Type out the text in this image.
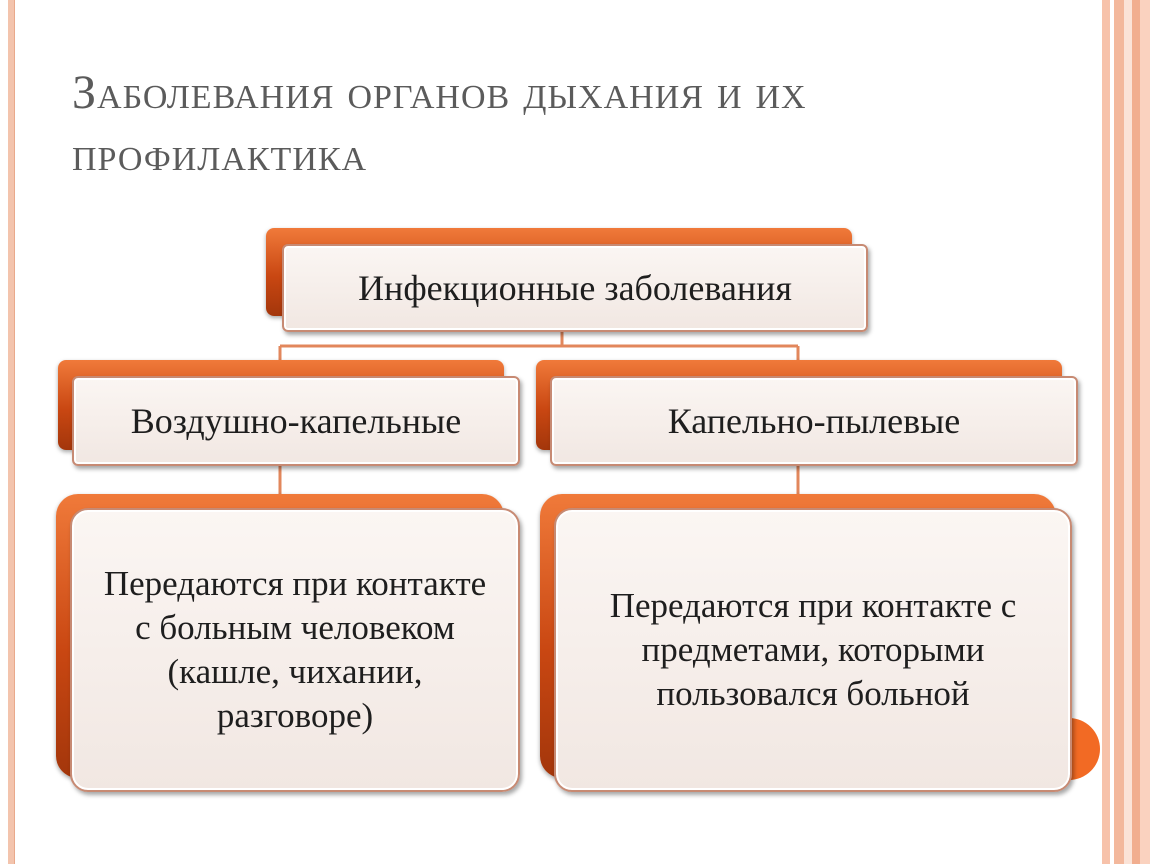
Заболевания органов дыхания и их профилактика
Инфекционные заболевания
Воздушно-капельные	Капельно-пылевые
Передаются при контакте с больным человеком (кашле, чихании, разговоре)
Передаются при контакте с предметами, которыми пользовался больной
